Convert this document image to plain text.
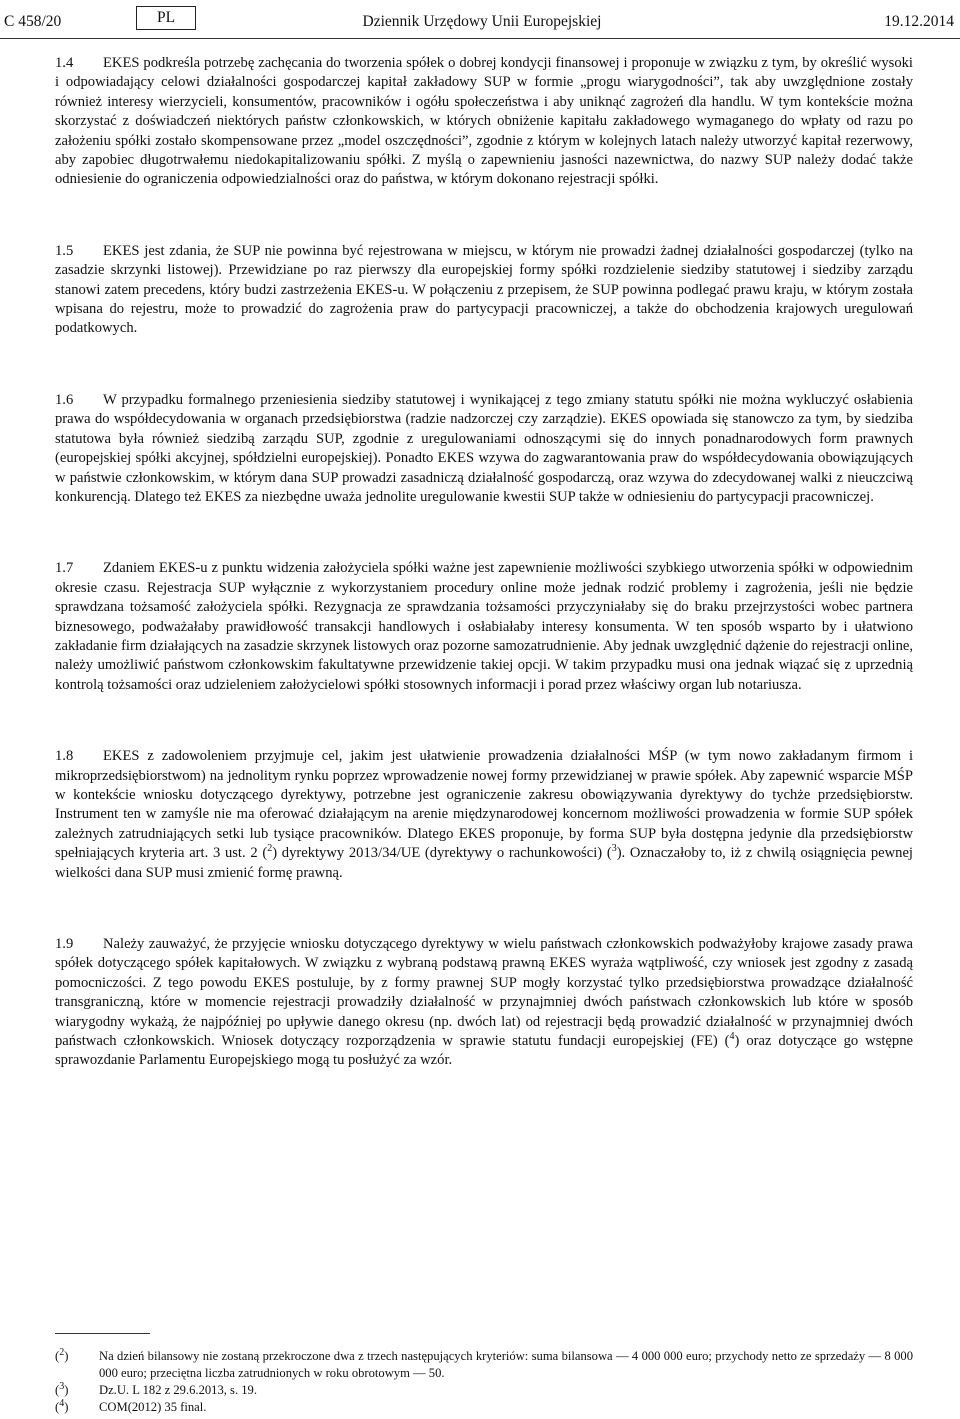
C 458/20	PL	Dziennik Urzędowy Unii Europejskiej	19.12.2014

1.4 EKES podkreśla potrzebę zachęcania do tworzenia spółek o dobrej kondycji finansowej i proponuje w związku z tym, by określić wysoki i odpowiadający celowi działalności gospodarczej kapitał zakładowy SUP w formie „progu wiarygodności”, tak aby uwzględnione zostały również interesy wierzycieli, konsumentów, pracowników i ogółu społeczeństwa i aby uniknąć zagrożeń dla handlu. W tym kontekście można skorzystać z doświadczeń niektórych państw członkowskich, w których obniżenie kapitału zakładowego wymaganego do wpłaty od razu po założeniu spółki zostało skompensowane przez „model oszczędności”, zgodnie z którym w kolejnych latach należy utworzyć kapitał rezerwowy, aby zapobiec długotrwałemu niedokapitalizowaniu spółki. Z myślą o zapewnieniu jasności nazewnictwa, do nazwy SUP należy dodać także odniesienie do ograniczenia odpowiedzialności oraz do państwa, w którym dokonano rejestracji spółki.

1.5 EKES jest zdania, że SUP nie powinna być rejestrowana w miejscu, w którym nie prowadzi żadnej działalności gospodarczej (tylko na zasadzie skrzynki listowej). Przewidziane po raz pierwszy dla europejskiej formy spółki rozdzielenie siedziby statutowej i siedziby zarządu stanowi zatem precedens, który budzi zastrzeżenia EKES-u. W połączeniu z przepisem, że SUP powinna podlegać prawu kraju, w którym została wpisana do rejestru, może to prowadzić do zagrożenia praw do partycypacji pracowniczej, a także do obchodzenia krajowych uregulowań podatkowych.

1.6 W przypadku formalnego przeniesienia siedziby statutowej i wynikającej z tego zmiany statutu spółki nie można wykluczyć osłabienia prawa do współdecydowania w organach przedsiębiorstwa (radzie nadzorczej czy zarządzie). EKES opowiada się stanowczo za tym, by siedziba statutowa była również siedzibą zarządu SUP, zgodnie z uregulowaniami odnoszącymi się do innych ponadnarodowych form prawnych (europejskiej spółki akcyjnej, spółdzielni europejskiej). Ponadto EKES wzywa do zagwarantowania praw do współdecydowania obowiązujących w państwie członkowskim, w którym dana SUP prowadzi zasadniczą działalność gospodarczą, oraz wzywa do zdecydowanej walki z nieuczciwą konkurencją. Dlatego też EKES za niezbędne uważa jednolite uregulowanie kwestii SUP także w odniesieniu do partycypacji pracowniczej.

1.7 Zdaniem EKES-u z punktu widzenia założyciela spółki ważne jest zapewnienie możliwości szybkiego utworzenia spółki w odpowiednim okresie czasu. Rejestracja SUP wyłącznie z wykorzystaniem procedury online może jednak rodzić problemy i zagrożenia, jeśli nie będzie sprawdzana tożsamość założyciela spółki. Rezygnacja ze sprawdzania tożsamości przyczyniałaby się do braku przejrzystości wobec partnera biznesowego, podważałaby prawidłowość transakcji handlowych i osłabiałaby interesy konsumenta. W ten sposób wsparto by i ułatwiono zakładanie firm działających na zasadzie skrzynek listowych oraz pozorne samozatrudnienie. Aby jednak uwzględnić dążenie do rejestracji online, należy umożliwić państwom członkowskim fakultatywne przewidzenie takiej opcji. W takim przypadku musi ona jednak wiązać się z uprzednią kontrolą tożsamości oraz udzieleniem założycielowi spółki stosownych informacji i porad przez właściwy organ lub notariusza.

1.8 EKES z zadowoleniem przyjmuje cel, jakim jest ułatwienie prowadzenia działalności MŚP (w tym nowo zakładanym firmom i mikroprzedsiębiorstwom) na jednolitym rynku poprzez wprowadzenie nowej formy przewidzianej w prawie spółek. Aby zapewnić wsparcie MŚP w kontekście wniosku dotyczącego dyrektywy, potrzebne jest ograniczenie zakresu obowiązywania dyrektywy do tychże przedsiębiorstw. Instrument ten w zamyśle nie ma oferować działającym na arenie międzynarodowej koncernom możliwości prowadzenia w formie SUP spółek zależnych zatrudniających setki lub tysiące pracowników. Dlatego EKES proponuje, by forma SUP była dostępna jedynie dla przedsiębiorstw spełniających kryteria art. 3 ust. 2 ($^2$) dyrektywy 2013/34/UE (dyrektywy o rachunkowości) ($^3$). Oznaczałoby to, iż z chwilą osiągnięcia pewnej wielkości dana SUP musi zmienić formę prawną.

1.9 Należy zauważyć, że przyjęcie wniosku dotyczącego dyrektywy w wielu państwach członkowskich podważyłoby krajowe zasady prawa spółek dotyczącego spółek kapitałowych. W związku z wybraną podstawą prawną EKES wyraża wątpliwość, czy wniosek jest zgodny z zasadą pomocniczości. Z tego powodu EKES postuluje, by z formy prawnej SUP mogły korzystać tylko przedsiębiorstwa prowadzące działalność transgraniczną, które w momencie rejestracji prowadziły działalność w przynajmniej dwóch państwach członkowskich lub które w sposób wiarygodny wykażą, że najpóźniej po upływie danego okresu (np. dwóch lat) od rejestracji będą prowadzić działalność w przynajmniej dwóch państwach członkowskich. Wniosek dotyczący rozporządzenia w sprawie statutu fundacji europejskiej (FE) ($^4$) oraz dotyczące go wstępne sprawozdanie Parlamentu Europejskiego mogą tu posłużyć za wzór.

($^2$) Na dzień bilansowy nie zostaną przekroczone dwa z trzech następujących kryteriów: suma bilansowa — 4 000 000 euro; przychody netto ze sprzedaży — 8 000 000 euro; przeciętna liczba zatrudnionych w roku obrotowym — 50.
($^3$) Dz.U. L 182 z 29.6.2013, s. 19.
($^4$) COM(2012) 35 final.
